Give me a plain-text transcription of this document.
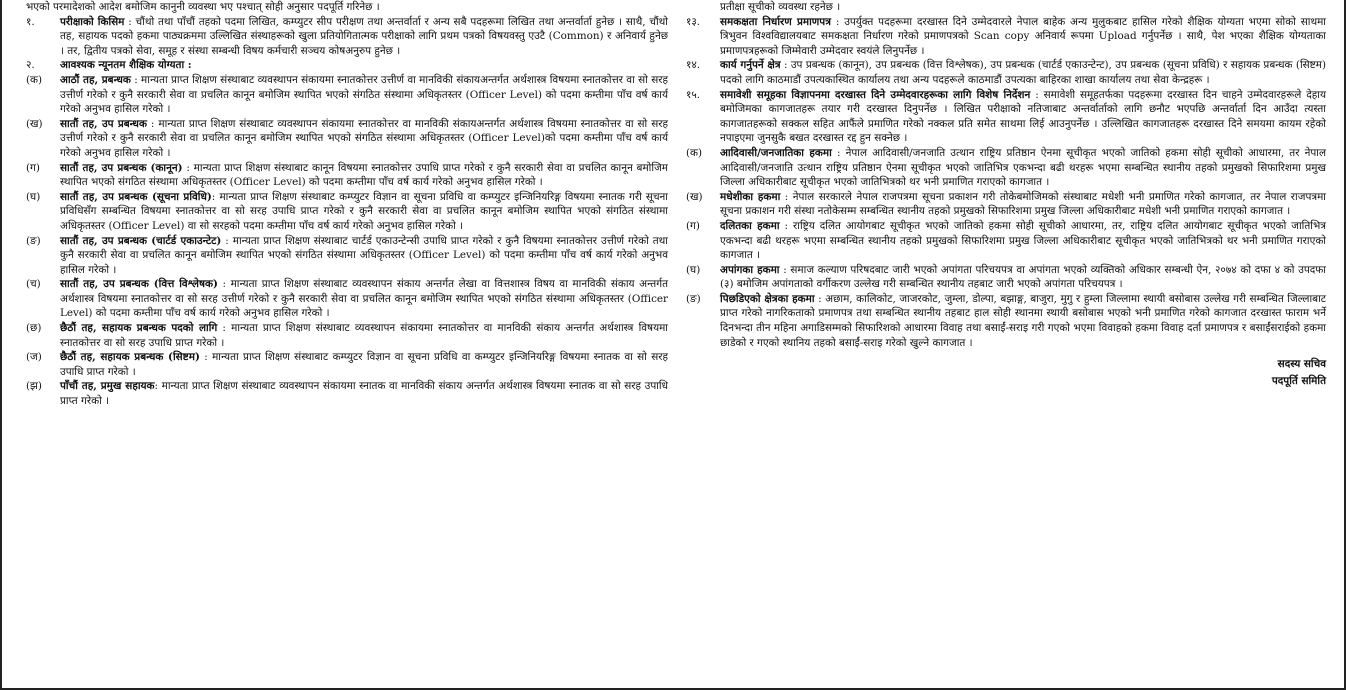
भएको परमादेशको आदेश बमोजिम कानुनी व्यवस्था भए पश्चात् सोही अनुसार पदपूर्ति गरिनेछ ।

१. परीक्षाको किसिम : चौंथो तथा पाँचौं तहको पदमा लिखित, कम्प्युटर सीप परीक्षण तथा अन्तर्वार्ता र अन्य सबै पदहरूमा लिखित तथा अन्तर्वार्ता हुनेछ । साथै, चौंथो तह, सहायक पदको हकमा पाठ्यक्रममा उल्लिखित संस्थाहरूको खुला प्रतियोगितात्मक परीक्षाको लागि प्रथम पत्रको विषयवस्तु एउटै (Common) र अनिवार्य हुनेछ । तर, द्वितीय पत्रको सेवा, समूह र संस्था सम्बन्धी विषय कर्मचारी सञ्चय कोषअनुरुप हुनेछ ।

२. आवश्यक न्यूनतम शैक्षिक योग्यता :

(क) आठौं तह, प्रबन्धक : मान्यता प्राप्त शिक्षण संस्थाबाट व्यवस्थापन संकायमा स्नातकोत्तर उत्तीर्ण वा मानविकी संकायअन्तर्गत अर्थशास्त्र विषयमा स्नातकोत्तर वा सो सरह उत्तीर्ण गरेको र कुनै सरकारी सेवा वा प्रचलित कानून बमोजिम स्थापित भएको संगठित संस्थामा अधिकृतस्तर (Officer Level) को पदमा कम्तीमा पाँच वर्ष कार्य गरेको अनुभव हासिल गरेको ।

(ख) सातौं तह, उप प्रबन्धक : मान्यता प्राप्त शिक्षण संस्थाबाट व्यवस्थापन संकायमा स्नातकोत्तर वा मानविकी संकायअन्तर्गत अर्थशास्त्र विषयमा स्नातकोत्तर वा सो सरह उत्तीर्ण गरेको र कुनै सरकारी सेवा वा प्रचलित कानून बमोजिम स्थापित भएको संगठित संस्थामा अधिकृतस्तर (Officer Level)को पदमा कम्तीमा पाँच वर्ष कार्य गरेको अनुभव हासिल गरेको ।

(ग) सातौं तह, उप प्रबन्धक (कानून) : मान्यता प्राप्त शिक्षण संस्थाबाट कानून विषयमा स्नातकोत्तर उपाधि प्राप्त गरेको र कुनै सरकारी सेवा वा प्रचलित कानून बमोजिम स्थापित भएको संगठित संस्थामा अधिकृतस्तर (Officer Level) को पदमा कम्तीमा पाँच वर्ष कार्य गरेको अनुभव हासिल गरेको ।

(घ) सातौं तह, उप प्रबन्धक (सूचना प्रविधि): मान्यता प्राप्त शिक्षण संस्थाबाट कम्प्युटर विज्ञान वा सूचना प्रविधि वा कम्प्युटर इन्जिनियरिङ्ग विषयमा स्नातक गरी सूचना प्रविधिसँग सम्बन्धित विषयमा स्नातकोत्तर वा सो सरह उपाधि प्राप्त गरेको र कुनै सरकारी सेवा वा प्रचलित कानून बमोजिम स्थापित भएको संगठित संस्थामा अधिकृतस्तर (Officer Level) वा सो सरहको पदमा कम्तीमा पाँच वर्ष कार्य गरेको अनुभव हासिल गरेको ।

(ङ) सातौं तह, उप प्रबन्धक (चार्टर्ड एकाउन्टेट) : मान्यता प्राप्त शिक्षण संस्थाबाट चार्टर्ड एकाउन्टेन्सी उपाधि प्राप्त गरेको र कुनै विषयमा स्नातकोत्तर उत्तीर्ण गरेको तथा कुनै सरकारी सेवा वा प्रचलित कानून बमोजिम स्थापित भएको संगठित संस्थामा अधिकृतस्तर (Officer Level) को पदमा कम्तीमा पाँच वर्ष कार्य गरेको अनुभव हासिल गरेको ।

(च) सातौं तह, उप प्रबन्धक (वित्त विश्लेषक) : मान्यता प्राप्त शिक्षण संस्थाबाट व्यवस्थापन संकाय अन्तर्गत लेखा वा वित्तशास्त्र विषय वा मानविकी संकाय अन्तर्गत अर्थशास्त्र विषयमा स्नातकोत्तर वा सो सरह उत्तीर्ण गरेको र कुनै सरकारी सेवा वा प्रचलित कानून बमोजिम स्थापित भएको संगठित संस्थामा अधिकृतस्तर (Officer Level) को पदमा कम्तीमा पाँच वर्ष कार्य गरेको अनुभव हासिल गरेको ।

(छ) छैठौं तह, सहायक प्रबन्धक पदको लागि : मान्यता प्राप्त शिक्षण संस्थाबाट व्यवस्थापन संकायमा स्नातकोत्तर वा मानविकी संकाय अन्तर्गत अर्थशास्त्र विषयमा स्नातकोत्तर वा सो सरह उपाधि प्राप्त गरेको ।

(ज) छैठौं तह, सहायक प्रबन्धक (सिष्टम) : मान्यता प्राप्त शिक्षण संस्थाबाट कम्प्युटर विज्ञान वा सूचना प्रविधि वा कम्प्युटर इन्जिनियरिङ्ग विषयमा स्नातक वा सो सरह उपाधि प्राप्त गरेको ।

(झ) पाँचौं तह, प्रमुख सहायक: मान्यता प्राप्त शिक्षण संस्थाबाट व्यवस्थापन संकायमा स्नातक वा मानविकी संकाय अन्तर्गत अर्थशास्त्र विषयमा स्नातक वा सो सरह उपाधि प्राप्त गरेको ।

प्रतीक्षा सूचीको व्यवस्था रहनेछ ।

१३. समकक्षता निर्धारण प्रमाणपत्र : उपर्युक्त पदहरूमा दरखास्त दिने उम्मेदवारले नेपाल बाहेक अन्य मुलुकबाट हासिल गरेको शैक्षिक योग्यता भएमा सोको साथमा त्रिभुवन विश्वविद्यालयबाट समकक्षता निर्धारण गरेको प्रमाणपत्रको Scan copy अनिवार्य रूपमा Upload गर्नुपर्नेछ । साथै, पेश भएका शैक्षिक योग्यताका प्रमाणपत्रहरूको जिम्मेवारी उम्मेदवार स्वयंले लिनुपर्नेछ ।

१४. कार्य गर्नुपर्ने क्षेत्र : उप प्रबन्धक (कानून), उप प्रबन्धक (वित्त विश्लेषक), उप प्रबन्धक (चार्टर्ड एकाउन्टेन्ट), उप प्रबन्धक (सूचना प्रविधि) र सहायक प्रबन्धक (सिष्टम) पदको लागि काठमाडौं उपत्यकास्थित कार्यालय तथा अन्य पदहरूले काठमाडौं उपत्यका बाहिरका शाखा कार्यालय तथा सेवा केन्द्रहरू ।

१५. समावेशी समूहका विज्ञापनमा दरखास्त दिने उम्मेदवारहरूका लागि विशेष निर्देशन : समावेशी समूहतर्फका पदहरूमा दरखास्त दिन चाहने उम्मेदवारहरूले देहाय बमोजिमका कागजातहरू तयार गरी दरखास्त दिनुपर्नेछ । लिखित परीक्षाको नतिजाबाट अन्तर्वार्ताको लागि छनौट भएपछि अन्तर्वार्ता दिन आउँदा त्यस्ता कागजातहरूको सक्कल सहित आफैंले प्रमाणित गरेको नक्कल प्रति समेत साथमा लिई आउनुपर्नेछ । उल्लिखित कागजातहरू दरखास्त दिने समयमा कायम रहेको नपाइएमा जुनसुकै बखत दरखास्त रद्द हुन सक्नेछ ।

(क) आदिवासी/जनजातिका हकमा : नेपाल आदिवासी/जनजाति उत्थान राष्ट्रिय प्रतिष्ठान ऐनमा सूचीकृत भएको जातिको हकमा सोही सूचीको आधारमा, तर नेपाल आदिवासी/जनजाति उत्थान राष्ट्रिय प्रतिष्ठान ऐनमा सूचीकृत भएको जातिभित्र एकभन्दा बढी थरहरू भएमा सम्बन्धित स्थानीय तहको प्रमुखको सिफारिशमा प्रमुख जिल्ला अधिकारीबाट सूचीकृत भएको जातिभित्रको थर भनी प्रमाणित गराएको कागजात ।

(ख) मधेशीका हकमा : नेपाल सरकारले नेपाल राजपत्रमा सूचना प्रकाशन गरी तोकेबमोजिमको संस्थाबाट मधेशी भनी प्रमाणित गरेको कागजात, तर नेपाल राजपत्रमा सूचना प्रकाशन गरी संस्था नतोकेसम्म सम्बन्धित स्थानीय तहको प्रमुखको सिफारिशमा प्रमुख जिल्ला अधिकारीबाट मधेशी भनी प्रमाणित गराएको कागजात ।

(ग) दलितका हकमा : राष्ट्रिय दलित आयोगबाट सूचीकृत भएको जातिको हकमा सोही सूचीको आधारमा, तर, राष्ट्रिय दलित आयोगबाट सूचीकृत भएको जातिभित्र एकभन्दा बढी थरहरू भएमा सम्बन्धित स्थानीय तहको प्रमुखको सिफारिशमा प्रमुख जिल्ला अधिकारीबाट सूचीकृत भएको जातिभित्रको थर भनी प्रमाणित गराएको कागजात ।

(घ) अपांगका हकमा : समाज कल्याण परिषदबाट जारी भएको अपांगता परिचयपत्र वा अपांगता भएको व्यक्तिको अधिकार सम्बन्धी ऐन, २०७४ को दफा ४ को उपदफा (३) बमोजिम अपांगताको वर्गीकरण उल्लेख गरी सम्बन्धित स्थानीय तहबाट जारी भएको अपांगता परिचयपत्र ।

(ङ) पिछडिएको क्षेत्रका हकमा : अछाम, कालिकोट, जाजरकोट, जुम्ला, डोल्पा, बझाङ्ग, बाजुरा, मुगु र हुम्ला जिल्लामा स्थायी बसोबास उल्लेख गरी सम्बन्धित जिल्लाबाट प्राप्त गरेको नागरिकताको प्रमाणपत्र तथा सम्बन्धित स्थानीय तहबाट हाल सोही स्थानमा स्थायी बसोबास भएको भनी प्रमाणित गरेको कागजात दरखास्त फाराम भर्ने दिनभन्दा तीन महिना अगाडिसम्मको सिफारिशको आधारमा विवाह तथा बसाईं-सराइ गरी गएको भएमा विवाहको हकमा विवाह दर्ता प्रमाणपत्र र बसाईंसराईको हकमा छाडेको र गएको स्थानिय तहको बसाईं-सराइ गरेको खुल्ने कागजात ।

सदस्य सचिव
पदपूर्ति समिति
